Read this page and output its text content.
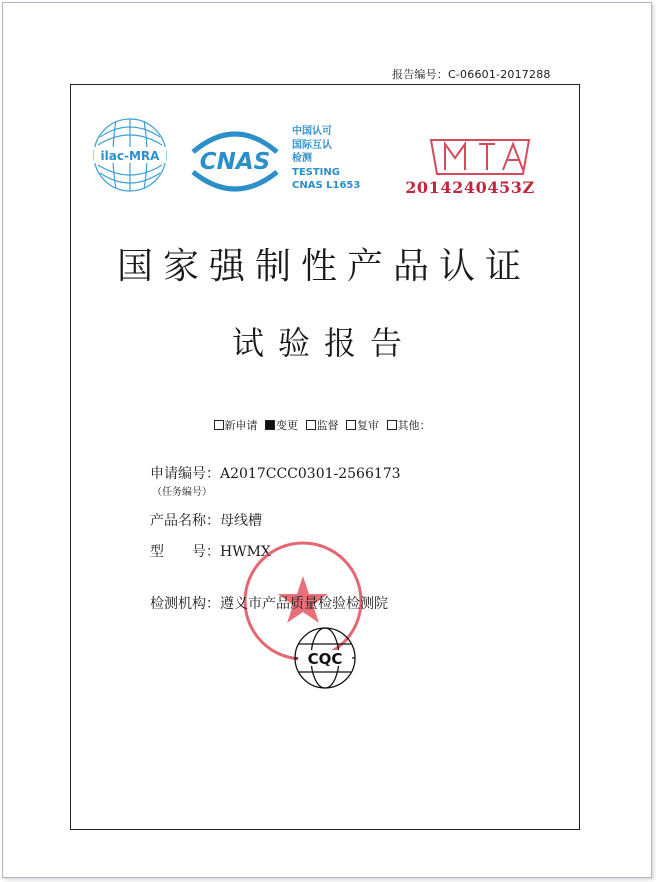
报告编号：C-06601-2017288
ilac-MRA CNAS
中国认可
国际互认
检测
TESTING
CNAS L1653	2014240453Z
国家强制性产品认证
试验报告
新申请 变更 监督 复审 其他：
申请编号：A2017CCC0301-2566173
（任务编号）
产品名称：母线槽
型　　号：HWMX
检测机构：遵义市产品质量检验检测院
CQC
